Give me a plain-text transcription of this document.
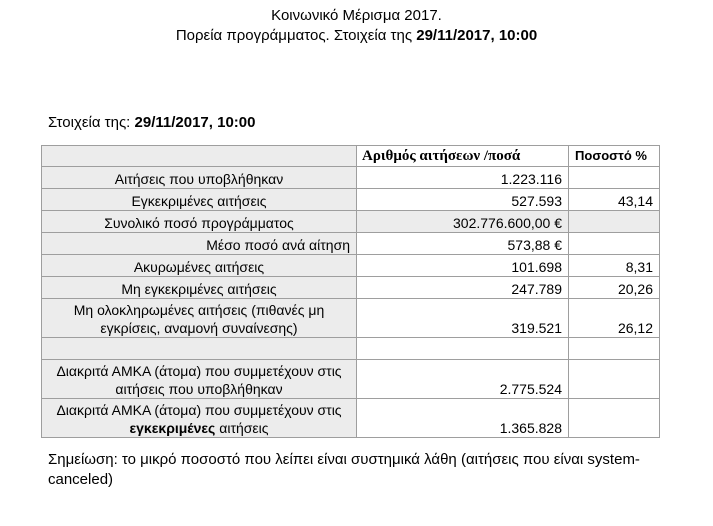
Κοινωνικό Μέρισμα 2017.
Πορεία προγράμματος. Στοιχεία της 29/11/2017, 10:00
Στοιχεία της: 29/11/2017, 10:00
	Αριθμός αιτήσεων /ποσά	Ποσοστό %
Αιτήσεις που υποβλήθηκαν	1.223.116	
Εγκεκριμένες αιτήσεις	527.593	43,14
Συνολικό ποσό προγράμματος	302.776.600,00 €	
Μέσο ποσό ανά αίτηση	573,88 €	
Ακυρωμένες αιτήσεις	101.698	8,31
Μη εγκεκριμένες αιτήσεις	247.789	20,26
Μη ολοκληρωμένες αιτήσεις (πιθανές μη εγκρίσεις, αναμονή συναίνεσης)	319.521	26,12

Διακριτά ΑΜΚΑ (άτομα) που συμμετέχουν στις αιτήσεις που υποβλήθηκαν	2.775.524	
Διακριτά ΑΜΚΑ (άτομα) που συμμετέχουν στις εγκεκριμένες αιτήσεις	1.365.828	
Σημείωση: το μικρό ποσοστό που λείπει είναι συστημικά λάθη (αιτήσεις που είναι system-canceled)
